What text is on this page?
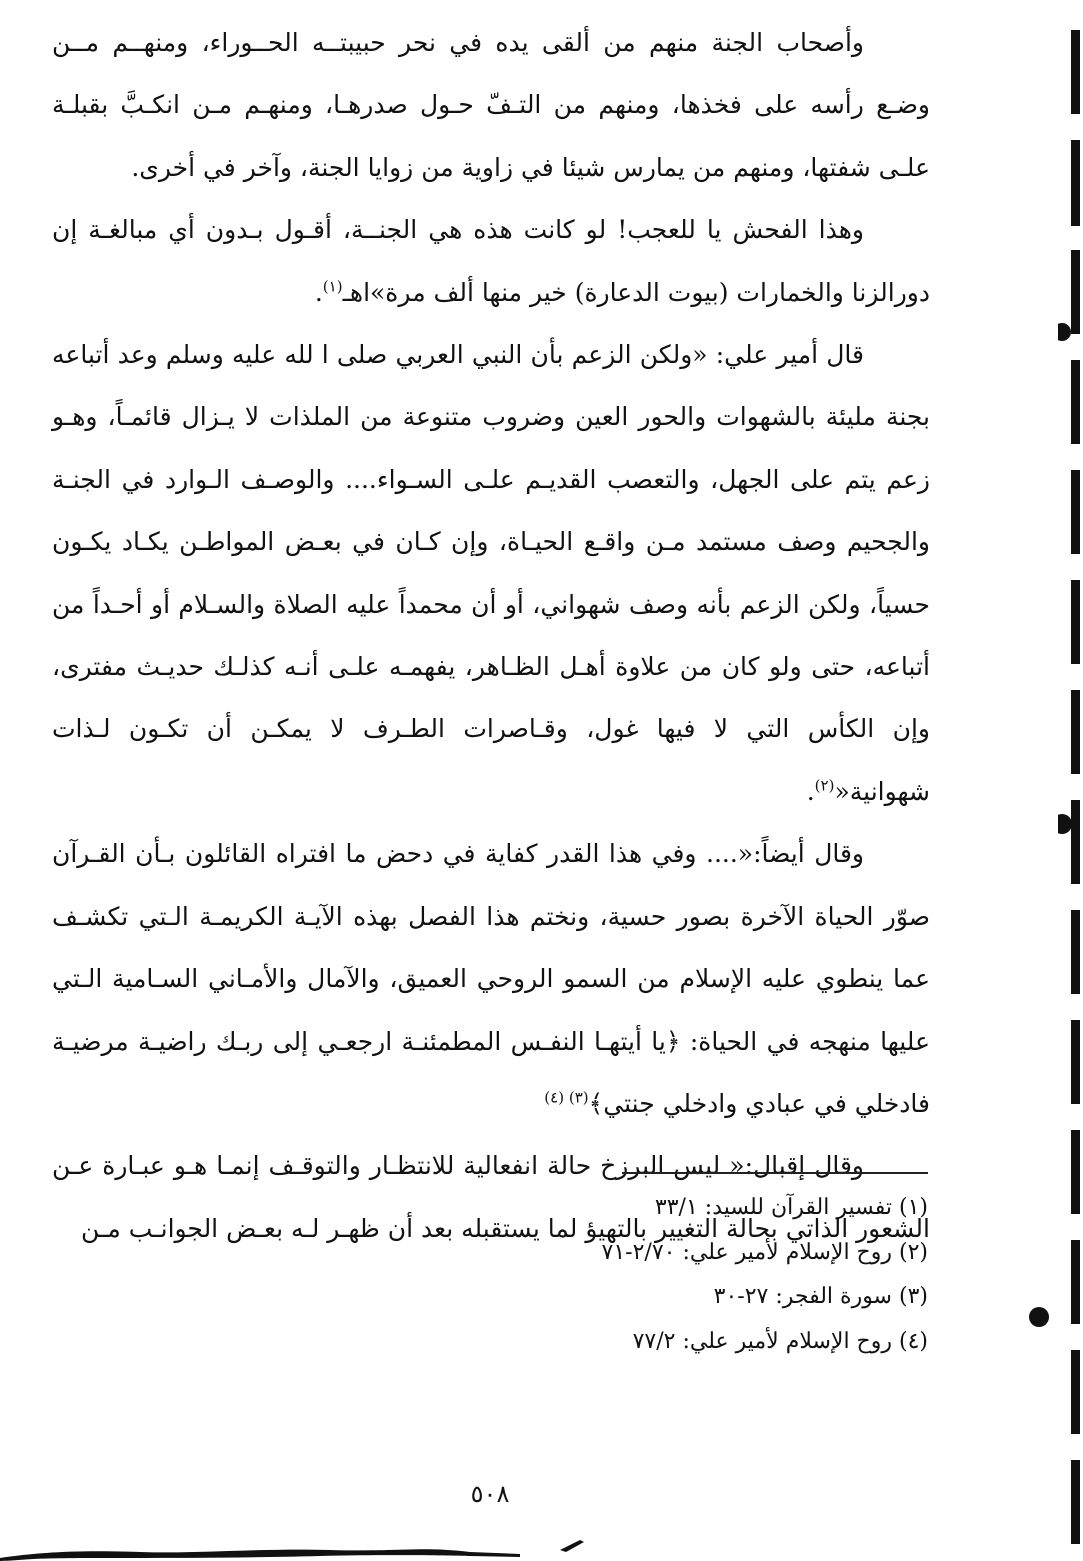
وأصحاب الجنة منهم من ألقى يده في نحر حبيبتــه الحــوراء، ومنهــم مــن وضـع رأسه على فخذها، ومنهم من التـفّ حـول صدرهـا، ومنهـم مـن انكـبَّ بقبلـة علـى شفتها، ومنهم من يمارس شيئا في زاوية من زوايا الجنة، وآخر في أخرى.

وهذا الفحش يا للعجب! لو كانت هذه هي الجنــة، أقـول بـدون أي مبالغـة إن دورالزنا والخمارات (بيوت الدعارة) خير منها ألف مرة»اهـ$^{(١)}$.

قال أمير علي: «ولكن الزعم بأن النبي العربي صلى ا لله عليه وسلم وعد أتباعه بجنة مليئة بالشهوات والحور العين وضروب متنوعة من الملذات لا يـزال قائمـاً، وهـو زعم يتم على الجهل، والتعصب القديـم علـى السـواء.... والوصـف الـوارد في الجنـة والجحيم وصف مستمد مـن واقـع الحيـاة، وإن كـان في بعـض المواطـن يكـاد يكـون حسياً، ولكن الزعم بأنه وصف شهواني، أو أن محمداً عليه الصلاة والسـلام أو أحـداً من أتباعه، حتى ولو كان من علاوة أهـل الظـاهر، يفهمـه علـى أنـه كذلـك حديـث مفترى، وإن الكأس التي لا فيها غول، وقـاصرات الطـرف لا يمكـن أن تكـون لـذات شهوانية«$^{(٢)}$.

وقال أيضاً:«.... وفي هذا القدر كفاية في دحض ما افتراه القائلون بـأن القـرآن صوّر الحياة الآخرة بصور حسية، ونختم هذا الفصل بهذه الآيـة الكريمـة الـتي تكشـف عما ينطوي عليه الإسلام من السمو الروحي العميق، والآمال والأمـاني السـامية الـتي عليها منهجه في الحياة: ﴿يا أيتهـا النفـس المطمئنـة ارجعـي إلى ربـك راضيـة مرضيـة فادخلي في عبادي وادخلي جنتي﴾$^{(٣) (٤)}$

وقال إقبال:« ليس البرزخ حالة انفعالية للانتظـار والتوقـف إنمـا هـو عبـارة عـن الشعور الذاتي بحالة التغيير بالتهيؤ لما يستقبله بعد أن ظهـر لـه بعـض الجوانـب مـن

(١) تفسير القرآن للسيد: ٣٣/١

(٢) روح الإسلام لأمير علي: ٢/٧٠-٧١

(٣) سورة الفجر: ٢٧-٣٠

(٤) روح الإسلام لأمير علي: ٧٧/٢

٥٠٨
